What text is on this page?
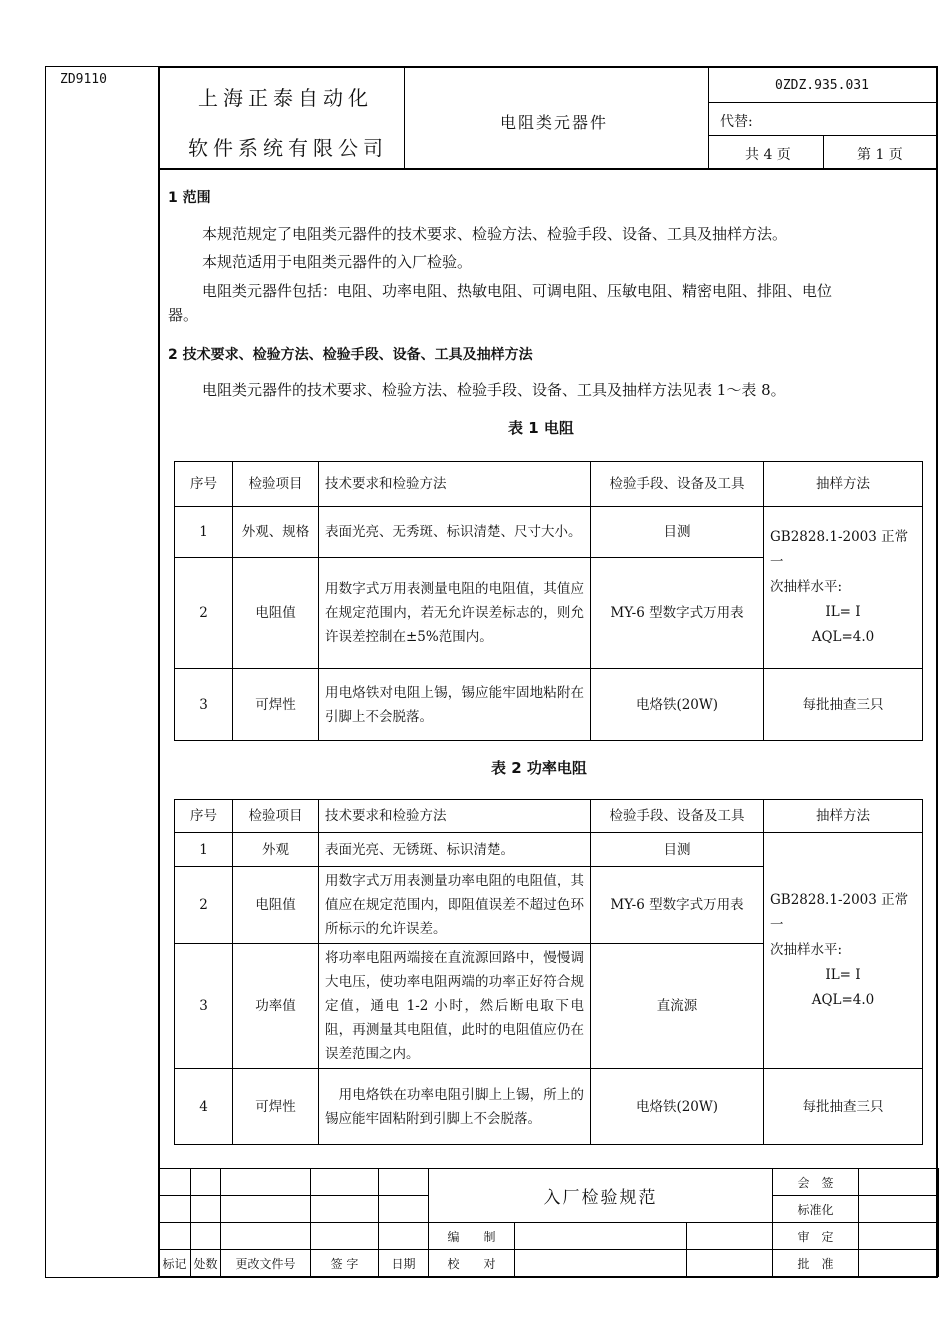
ZD9110
上海正泰自动化
软件系统有限公司
电阻类元器件
0ZDZ.935.031
代替:
共 4 页	第 1 页
1 范围
本规范规定了电阻类元器件的技术要求、检验方法、检验手段、设备、工具及抽样方法。
本规范适用于电阻类元器件的入厂检验。
电阻类元器件包括：电阻、功率电阻、热敏电阻、可调电阻、压敏电阻、精密电阻、排阻、电位
器。
2 技术要求、检验方法、检验手段、设备、工具及抽样方法
电阻类元器件的技术要求、检验方法、检验手段、设备、工具及抽样方法见表 1～表 8。
表 1 电阻
序号	检验项目	技术要求和检验方法	检验手段、设备及工具	抽样方法
1	外观、规格	表面光亮、无秀斑、标识清楚、尺寸大小。	目测	GB2828.1-2003 正常一
次抽样水平:
IL= Ⅰ
AQL=4.0

2	电阻值	用数字式万用表测量电阻的电阻值，其值应在规定范围内，若无允许误差标志的，则允许误差控制在±5%范围内。	MY-6 型数字式万用表	
3	可焊性	用电烙铁对电阻上锡，锡应能牢固地粘附在引脚上不会脱落。	电烙铁(20W)	每批抽查三只
表 2 功率电阻
序号	检验项目	技术要求和检验方法	检验手段、设备及工具	抽样方法
1	外观	表面光亮、无锈斑、标识清楚。	目测	GB2828.1-2003 正常一
次抽样水平:
IL= Ⅰ
AQL=4.0

2	电阻值	用数字式万用表测量功率电阻的电阻值，其值应在规定范围内，即阻值误差不超过色环所标示的允许误差。	MY-6 型数字式万用表	
3	功率值	将功率电阻两端接在直流源回路中，慢慢调大电压，使功率电阻两端的功率正好符合规定值，通电 1-2 小时，然后断电取下电阻，再测量其电阻值，此时的电阻值应仍在误差范围之内。	直流源	
4	可焊性	　用电烙铁在功率电阻引脚上上锡，所上的锡应能牢固粘附到引脚上不会脱落。	电烙铁(20W)	每批抽查三只
					入厂检验规范			会　签	
								标准化	
					编　　制			审　定	
标记	处数	更改文件号	签 字	日期	校　　对			批　准	
